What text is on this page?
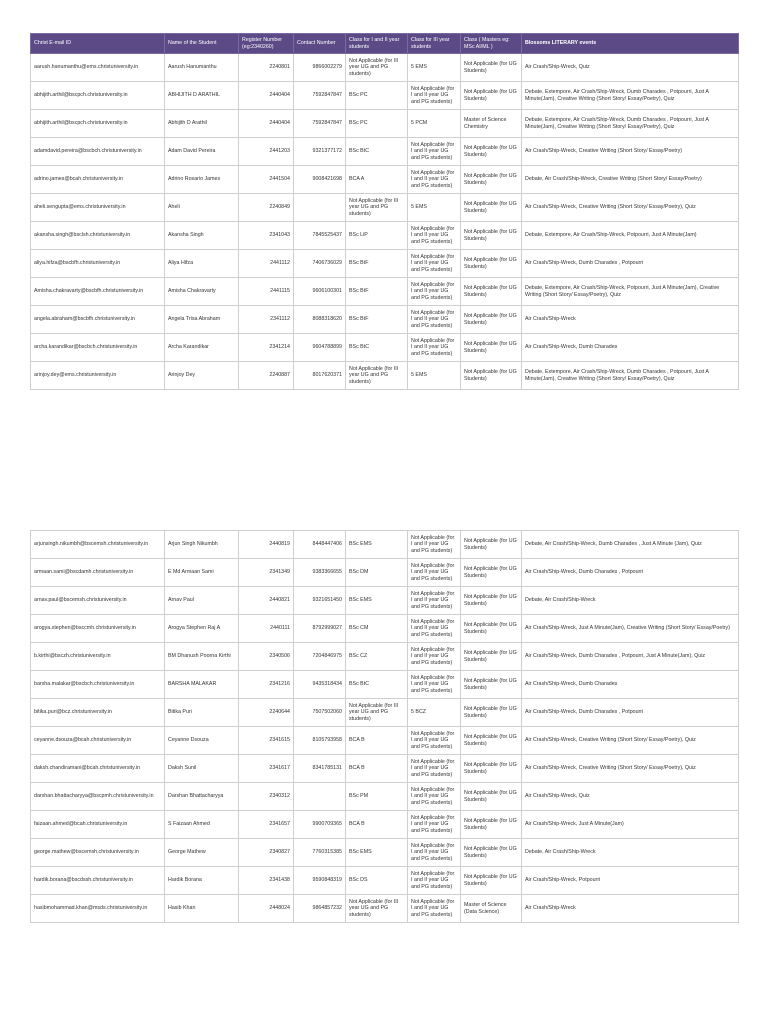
Christ E-mail ID	Name of the Student	Register Number (eg:2340260)	Contact Number	Class for I and II year students	Class for III year students	Class ( Masters eg: MSc AI/ML )	Blossoms LITERARY events
aarush.hanumanthu@ems.christuniversity.in	Aarush Hanumanthu	2240801	9866002279	Not Applicable (for III year UG and PG students)	5 EMS	Not Applicable (for UG Students)	Air Crash/Ship-Wreck, Quiz
abhijith.arthil@bscpch.christuniversity.in	ABHIJITH D ARATHIL	2440404	7592847847	BSc PC	Not Applicable (for I and II year UG and PG students)	Not Applicable (for UG Students)	Debate, Extempore, Air Crash/Ship-Wreck, Dumb Charades , Potpourri, Just A Minute(Jam), Creative Writing (Short Story/ Essay/Poetry), Quiz
abhijith.arthil@bscpch.christuniversity.in	Abhijith D Arathil	2440404	7592847847	BSc PC	5 PCM	Master of Science Chemistry	Debate, Extempore, Air Crash/Ship-Wreck, Dumb Charades , Potpourri, Just A Minute(Jam), Creative Writing (Short Story/ Essay/Poetry), Quiz
adamdavid.pereira@bscbch.christuniversity.in	Adam David Pereira	2441203	9321377172	BSc BtC	Not Applicable (for I and II year UG and PG students)	Not Applicable (for UG Students)	Air Crash/Ship-Wreck, Creative Writing (Short Story/ Essay/Poetry)
adrino.james@bcah.christuniversity.in	Adrino Rosario James	2441504	9008421698	BCA A	Not Applicable (for I and II year UG and PG students)	Not Applicable (for UG Students)	Debate, Air Crash/Ship-Wreck, Creative Writing (Short Story/ Essay/Poetry)
aheli.sengupta@ems.christuniversity.in	Aheli	2240849		Not Applicable (for III year UG and PG students)	5 EMS	Not Applicable (for UG Students)	Air Crash/Ship-Wreck, Creative Writing (Short Story/ Essay/Poetry), Quiz
akansha.singh@bsclsh.christuniversity.in	Akansha Singh	2341043	7845525437	BSc LiP	Not Applicable (for I and II year UG and PG students)	Not Applicable (for UG Students)	Debate, Extempore, Air Crash/Ship-Wreck, Potpourri, Just A Minute(Jam)
aliya.hifza@bscbfh.christuniversity.in	Aliya Hifza	2441112	7406736029	BSc BtF	Not Applicable (for I and II year UG and PG students)	Not Applicable (for UG Students)	Air Crash/Ship-Wreck, Dumb Charades , Potpourri
Amisha.chakravarty@bscbfh.christuniversity.in	Amisha Chakravarty	2441115	9606100301	BSc BtF	Not Applicable (for I and II year UG and PG students)	Not Applicable (for UG Students)	Debate, Extempore, Air Crash/Ship-Wreck, Potpourri, Just A Minute(Jam), Creative Writing (Short Story/ Essay/Poetry), Quiz
angela.abraham@bscbfh.christuniversity.in	Angela Trisa Abraham	2341112	8088318620	BSc BtF	Not Applicable (for I and II year UG and PG students)	Not Applicable (for UG Students)	Air Crash/Ship-Wreck
archa.karandikar@bscbch.christuniversity.in	Archa Karandikar	2341214	9604788899	BSc BtC	Not Applicable (for I and II year UG and PG students)	Not Applicable (for UG Students)	Air Crash/Ship-Wreck, Dumb Charades
arinjoy.dey@ems.christuniversity.in	Arinjoy Dey	2240887	8017620371	Not Applicable (for III year UG and PG students)	5 EMS	Not Applicable (for UG Students)	Debate, Extempore, Air Crash/Ship-Wreck, Dumb Charades , Potpourri, Just A Minute(Jam), Creative Writing (Short Story/ Essay/Poetry), Quiz
arjunsingh.nikumbh@bscemsh.christuniversity.in	Arjun Singh Nikumbh	2440819	8448447406	BSc EMS	Not Applicable (for I and II year UG and PG students)	Not Applicable (for UG Students)	Debate, Air Crash/Ship-Wreck, Dumb Charades , Just A Minute (Jam), Quiz
armaan.sami@bscdamh.christuniversity.in	E Md Armaan Sami	2341349	9383366655	BSc DM	Not Applicable (for I and II year UG and PG students)	Not Applicable (for UG Students)	Air Crash/Ship-Wreck, Dumb Charades , Potpourri
arnav.paul@bscemsh.christuniversity.in	Arnav Paul	2440821	9321651450	BSc EMS	Not Applicable (for I and II year UG and PG students)	Not Applicable (for UG Students)	Debate, Air Crash/Ship-Wreck
arogya.stephen@bsccmh.christuniversity.in	Arogya Stephen Raj A	2440111	8792999027	BSc CM	Not Applicable (for I and II year UG and PG students)	Not Applicable (for UG Students)	Air Crash/Ship-Wreck, Just A Minute(Jam), Creative Writing (Short Story/ Essay/Poetry)
b.kirthi@bsczh.christuniversity.in	BM Dhanush Poorna Kirthi	2340506	7204846975	BSc CZ	Not Applicable (for I and II year UG and PG students)	Not Applicable (for UG Students)	Air Crash/Ship-Wreck, Dumb Charades , Potpourri, Just A Minute(Jam), Quiz
barsha.malakar@bscbch.christuniversity.in	BARSHA MALAKAR	2341216	9435318434	BSc BtC	Not Applicable (for I and II year UG and PG students)	Not Applicable (for UG Students)	Air Crash/Ship-Wreck, Dumb Charades
bitika.puri@bcz.christuniversity.in	Bitika Puri	2240644	7507502060	Not Applicable (for III year UG and PG students)	5 BCZ	Not Applicable (for UG Students)	Air Crash/Ship-Wreck, Dumb Charades , Potpourri
ceyanne.dsouza@bcah.christuniversity.in	Ceyanne Dsouza	2341615	8105793958	BCA B	Not Applicable (for I and II year UG and PG students)	Not Applicable (for UG Students)	Air Crash/Ship-Wreck, Creative Writing (Short Story/ Essay/Poetry), Quiz
daksh.chandiramani@bcah.christuniversity.in	Daksh Sunil	2341617	8341785131	BCA B	Not Applicable (for I and II year UG and PG students)	Not Applicable (for UG Students)	Air Crash/Ship-Wreck, Creative Writing (Short Story/ Essay/Poetry), Quiz
darshan.bhattacharyya@bscpmh.christuniversity.in	Darshan Bhattacharyya	2340312		BSc PM	Not Applicable (for I and II year UG and PG students)	Not Applicable (for UG Students)	Air Crash/Ship-Wreck, Quiz
faizaan.ahmed@bcah.christuniversity.in	S Faizaan Ahmed	2341657	9900709365	BCA B	Not Applicable (for I and II year UG and PG students)	Not Applicable (for UG Students)	Air Crash/Ship-Wreck, Just A Minute(Jam)
george.mathew@bscemsh.christuniversity.in	George Mathew	2340827	7760315385	BSc EMS	Not Applicable (for I and II year UG and PG students)	Not Applicable (for UG Students)	Debate, Air Crash/Ship-Wreck
hardik.borana@bscdssh.christuniversity.in	Hardik Borana	2341438	9590848319	BSc DS	Not Applicable (for I and II year UG and PG students)	Not Applicable (for UG Students)	Air Crash/Ship-Wreck, Potpourri
hasibmohammad.khan@msds.christuniversity.in	Hasib Khan	2448024	9864857232	Not Applicable (for III year UG and PG students)	Not Applicable (for I and II year UG and PG students)	Master of Science (Data Science)	Air Crash/Ship-Wreck
